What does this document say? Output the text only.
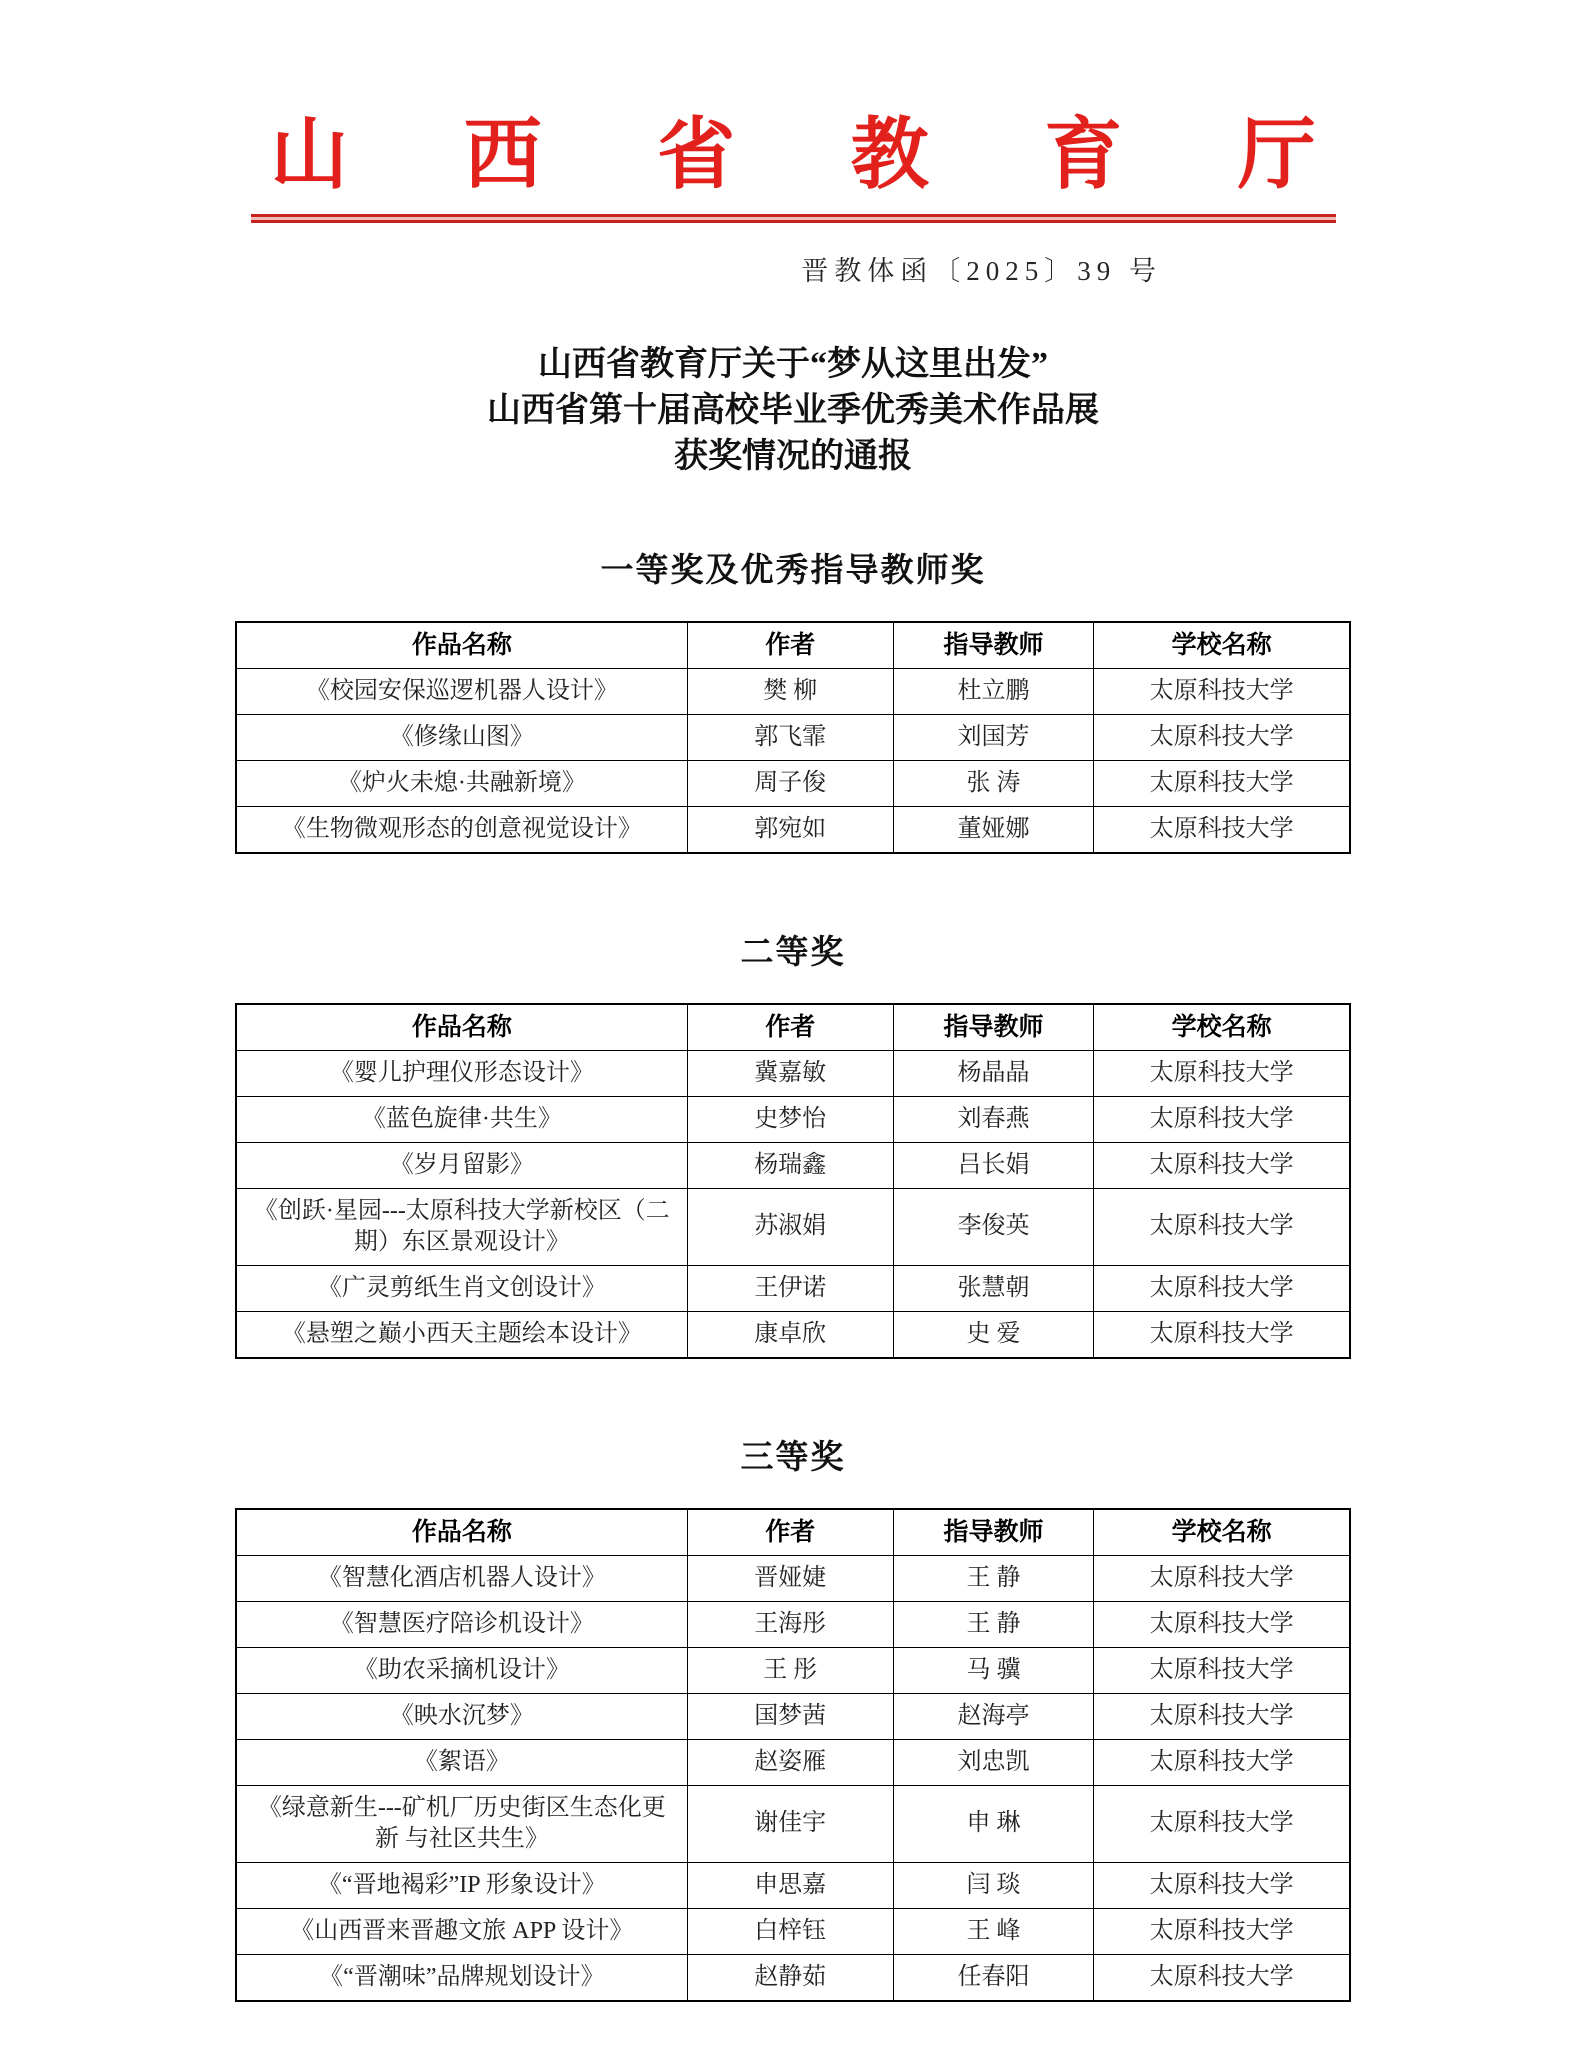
山 西 省 教 育 厅
晋教体函〔2025〕39 号
山西省教育厅关于“梦从这里出发”
山西省第十届高校毕业季优秀美术作品展
获奖情况的通报
一等奖及优秀指导教师奖
作品名称	作者	指导教师	学校名称
《校园安保巡逻机器人设计》	樊 柳	杜立鹏	太原科技大学
《修缘山图》	郭飞霏	刘国芳	太原科技大学
《炉火未熄·共融新境》	周子俊	张 涛	太原科技大学
《生物微观形态的创意视觉设计》	郭宛如	董娅娜	太原科技大学
二等奖
作品名称	作者	指导教师	学校名称
《婴儿护理仪形态设计》	冀嘉敏	杨晶晶	太原科技大学
《蓝色旋律·共生》	史梦怡	刘春燕	太原科技大学
《岁月留影》	杨瑞鑫	吕长娟	太原科技大学
《创跃·星园---太原科技大学新校区（二 期）东区景观设计》	苏淑娟	李俊英	太原科技大学
《广灵剪纸生肖文创设计》	王伊诺	张慧朝	太原科技大学
《悬塑之巅小西天主题绘本设计》	康卓欣	史 爱	太原科技大学
三等奖
作品名称	作者	指导教师	学校名称
《智慧化酒店机器人设计》	晋娅婕	王 静	太原科技大学
《智慧医疗陪诊机设计》	王海彤	王 静	太原科技大学
《助农采摘机设计》	王 彤	马 骥	太原科技大学
《映水沉梦》	国梦茜	赵海亭	太原科技大学
《絮语》	赵姿雁	刘忠凯	太原科技大学
《绿意新生---矿机厂历史街区生态化更新 与社区共生》	谢佳宇	申 琳	太原科技大学
《“晋地褐彩”IP 形象设计》	申思嘉	闫 琰	太原科技大学
《山西晋来晋趣文旅 APP 设计》	白梓钰	王 峰	太原科技大学
《“晋潮味”品牌规划设计》	赵静茹	任春阳	太原科技大学
